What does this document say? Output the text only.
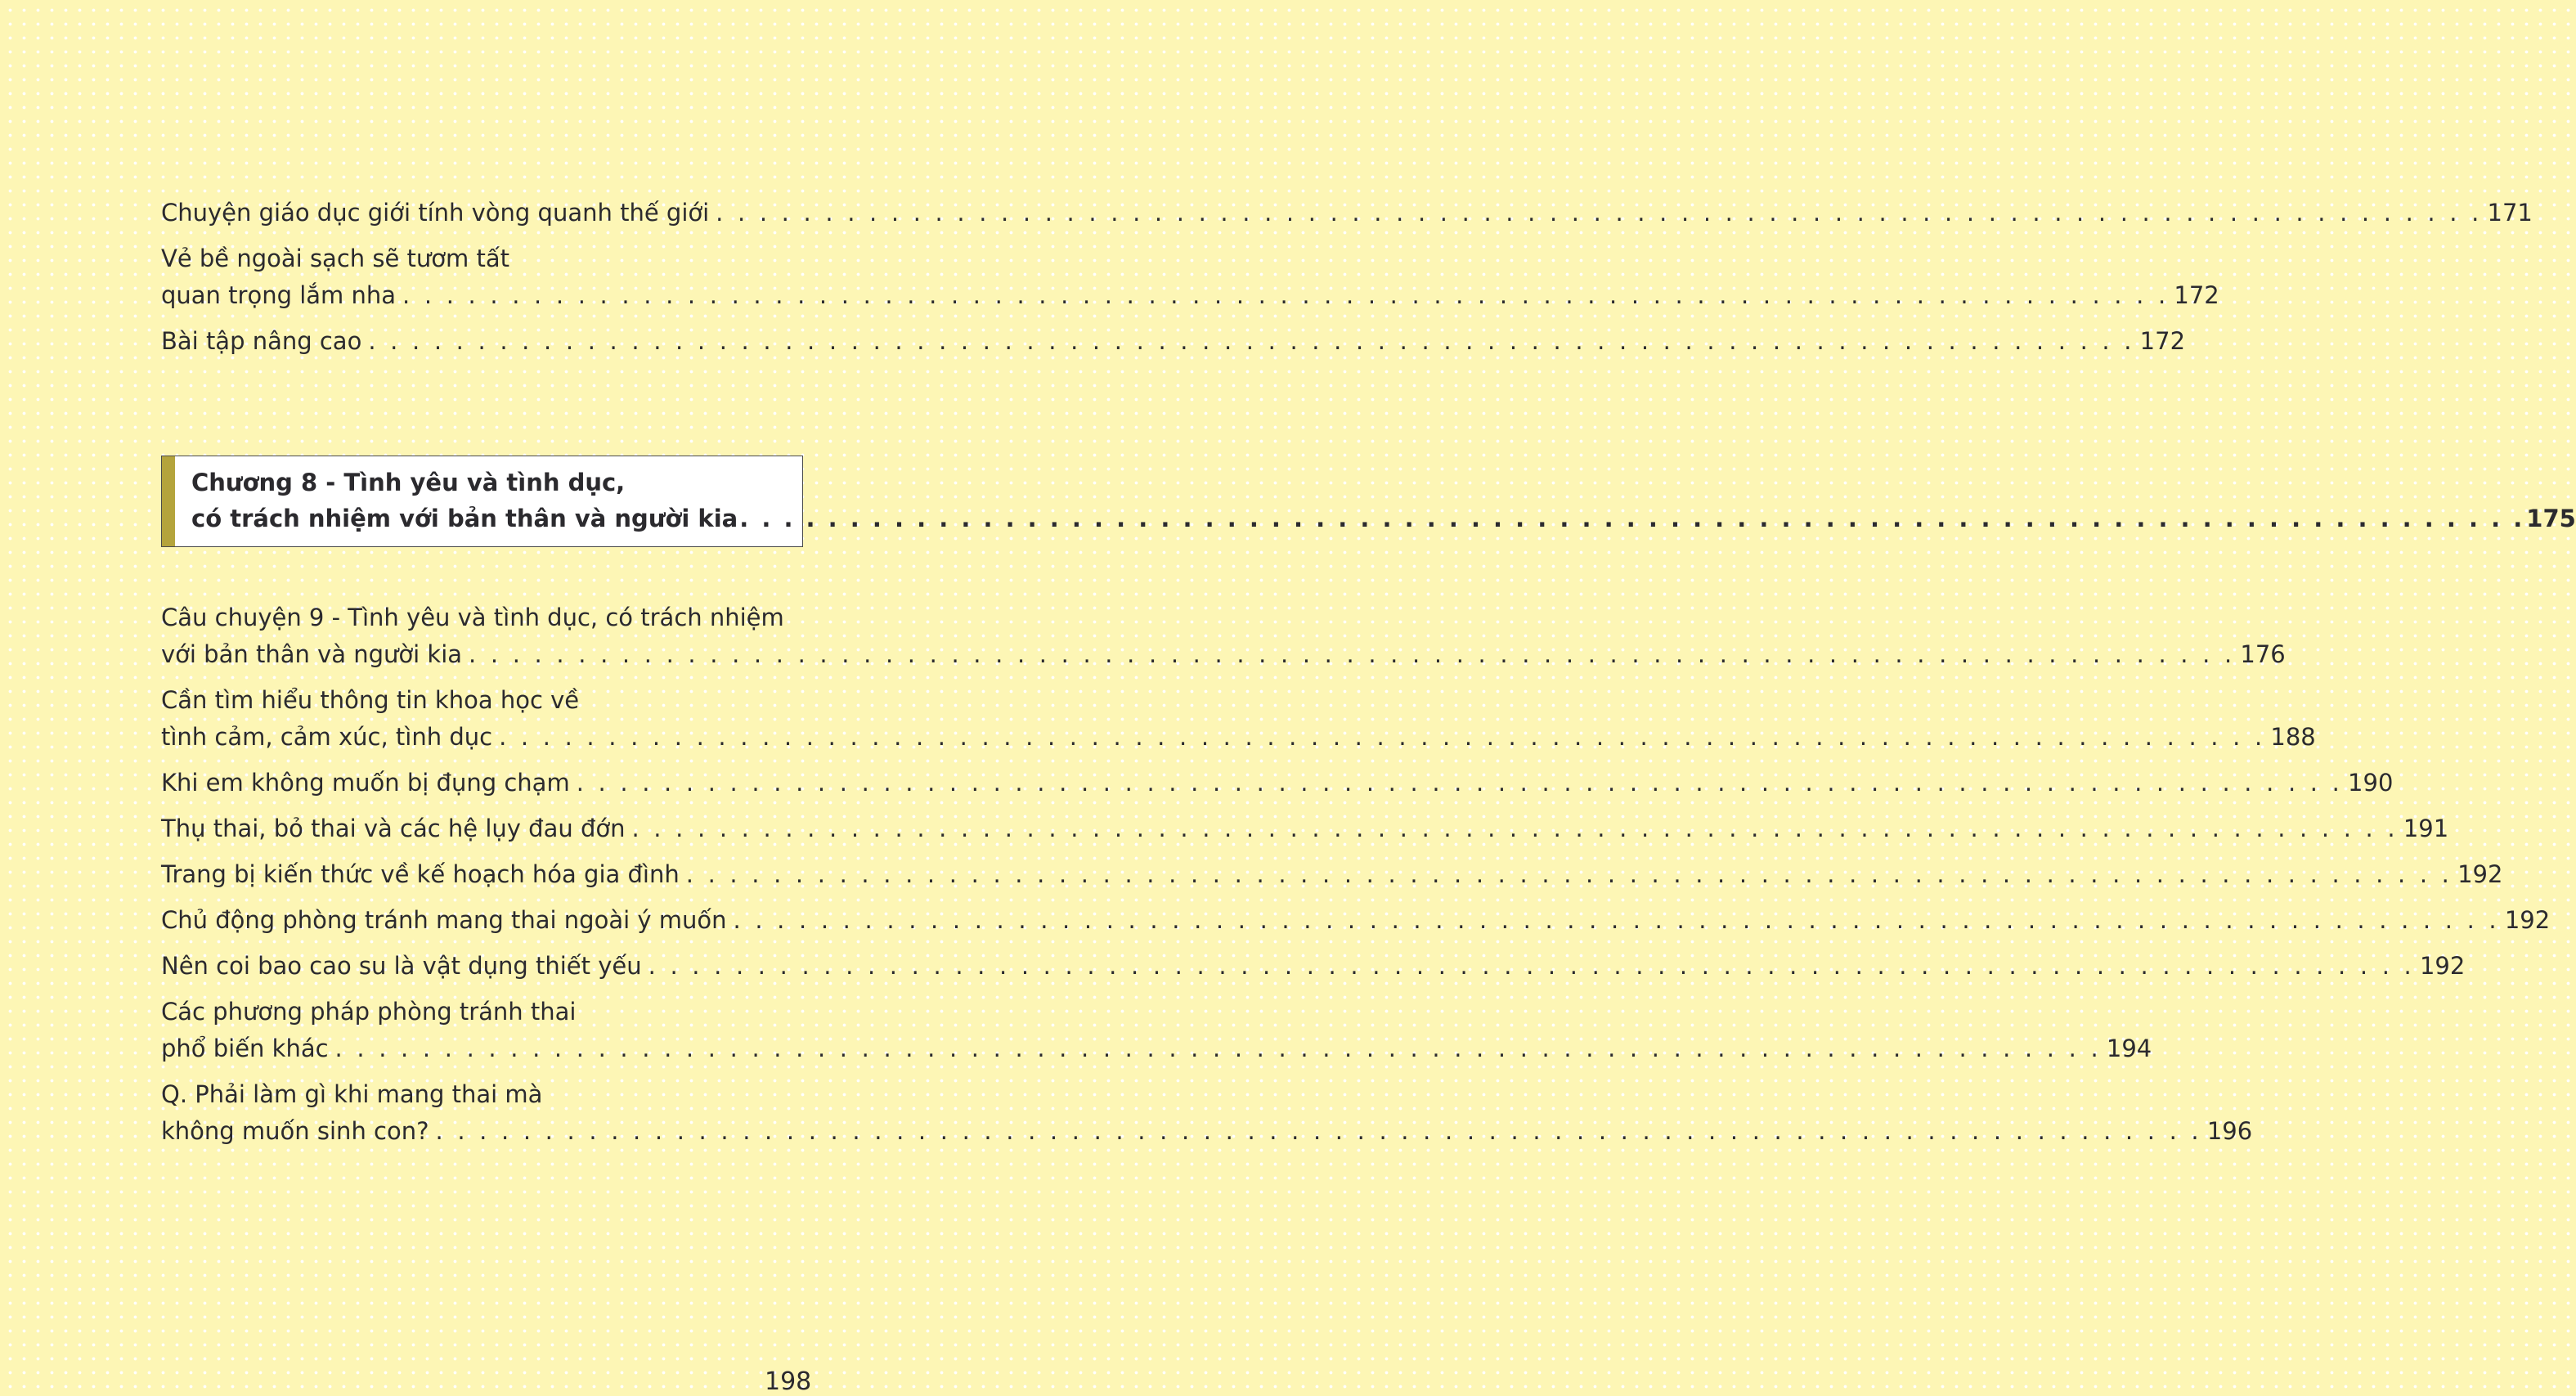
Chuyện giáo dục giới tính vòng quanh thế giới . . . . . . . . . . . . . . . . . . . . . . . . . . . . . . . . . . . . . . . . . . . . . . . . . . . . . . . . . . . . . . . . . . . . . . . . . . . . . . . . . 171
Vẻ bề ngoài sạch sẽ tươm tất
quan trọng lắm nha . . . . . . . . . . . . . . . . . . . . . . . . . . . . . . . . . . . . . . . . . . . . . . . . . . . . . . . . . . . . . . . . . . . . . . . . . . . . . . . . . 172
Bài tập nâng cao . . . . . . . . . . . . . . . . . . . . . . . . . . . . . . . . . . . . . . . . . . . . . . . . . . . . . . . . . . . . . . . . . . . . . . . . . . . . . . . . . 172
Chương 8 - Tình yêu và tình dục,
có trách nhiệm với bản thân và người kia . . . . . . . . . . . . . . . . . . . . . . . . . . . . . . . . . . . . . . . . . . . . . . . . . . . . . . . . . . . . . . . . . . . . . . . . . . . . . . . . . 175
Câu chuyện 9 - Tình yêu và tình dục, có trách nhiệm
với bản thân và người kia . . . . . . . . . . . . . . . . . . . . . . . . . . . . . . . . . . . . . . . . . . . . . . . . . . . . . . . . . . . . . . . . . . . . . . . . . . . . . . . . . 176
Cần tìm hiểu thông tin khoa học về
tình cảm, cảm xúc, tình dục . . . . . . . . . . . . . . . . . . . . . . . . . . . . . . . . . . . . . . . . . . . . . . . . . . . . . . . . . . . . . . . . . . . . . . . . . . . . . . . . . 188
Khi em không muốn bị đụng chạm . . . . . . . . . . . . . . . . . . . . . . . . . . . . . . . . . . . . . . . . . . . . . . . . . . . . . . . . . . . . . . . . . . . . . . . . . . . . . . . . . 190
Thụ thai, bỏ thai và các hệ lụy đau đớn . . . . . . . . . . . . . . . . . . . . . . . . . . . . . . . . . . . . . . . . . . . . . . . . . . . . . . . . . . . . . . . . . . . . . . . . . . . . . . . . . 191
Trang bị kiến thức về kế hoạch hóa gia đình . . . . . . . . . . . . . . . . . . . . . . . . . . . . . . . . . . . . . . . . . . . . . . . . . . . . . . . . . . . . . . . . . . . . . . . . . . . . . . . . . 192
Chủ động phòng tránh mang thai ngoài ý muốn . . . . . . . . . . . . . . . . . . . . . . . . . . . . . . . . . . . . . . . . . . . . . . . . . . . . . . . . . . . . . . . . . . . . . . . . . . . . . . . . . 192
Nên coi bao cao su là vật dụng thiết yếu . . . . . . . . . . . . . . . . . . . . . . . . . . . . . . . . . . . . . . . . . . . . . . . . . . . . . . . . . . . . . . . . . . . . . . . . . . . . . . . . . 192
Các phương pháp phòng tránh thai
phổ biến khác . . . . . . . . . . . . . . . . . . . . . . . . . . . . . . . . . . . . . . . . . . . . . . . . . . . . . . . . . . . . . . . . . . . . . . . . . . . . . . . . . 194
Q. Phải làm gì khi mang thai mà
không muốn sinh con? . . . . . . . . . . . . . . . . . . . . . . . . . . . . . . . . . . . . . . . . . . . . . . . . . . . . . . . . . . . . . . . . . . . . . . . . . . . . . . . . . 196
198
